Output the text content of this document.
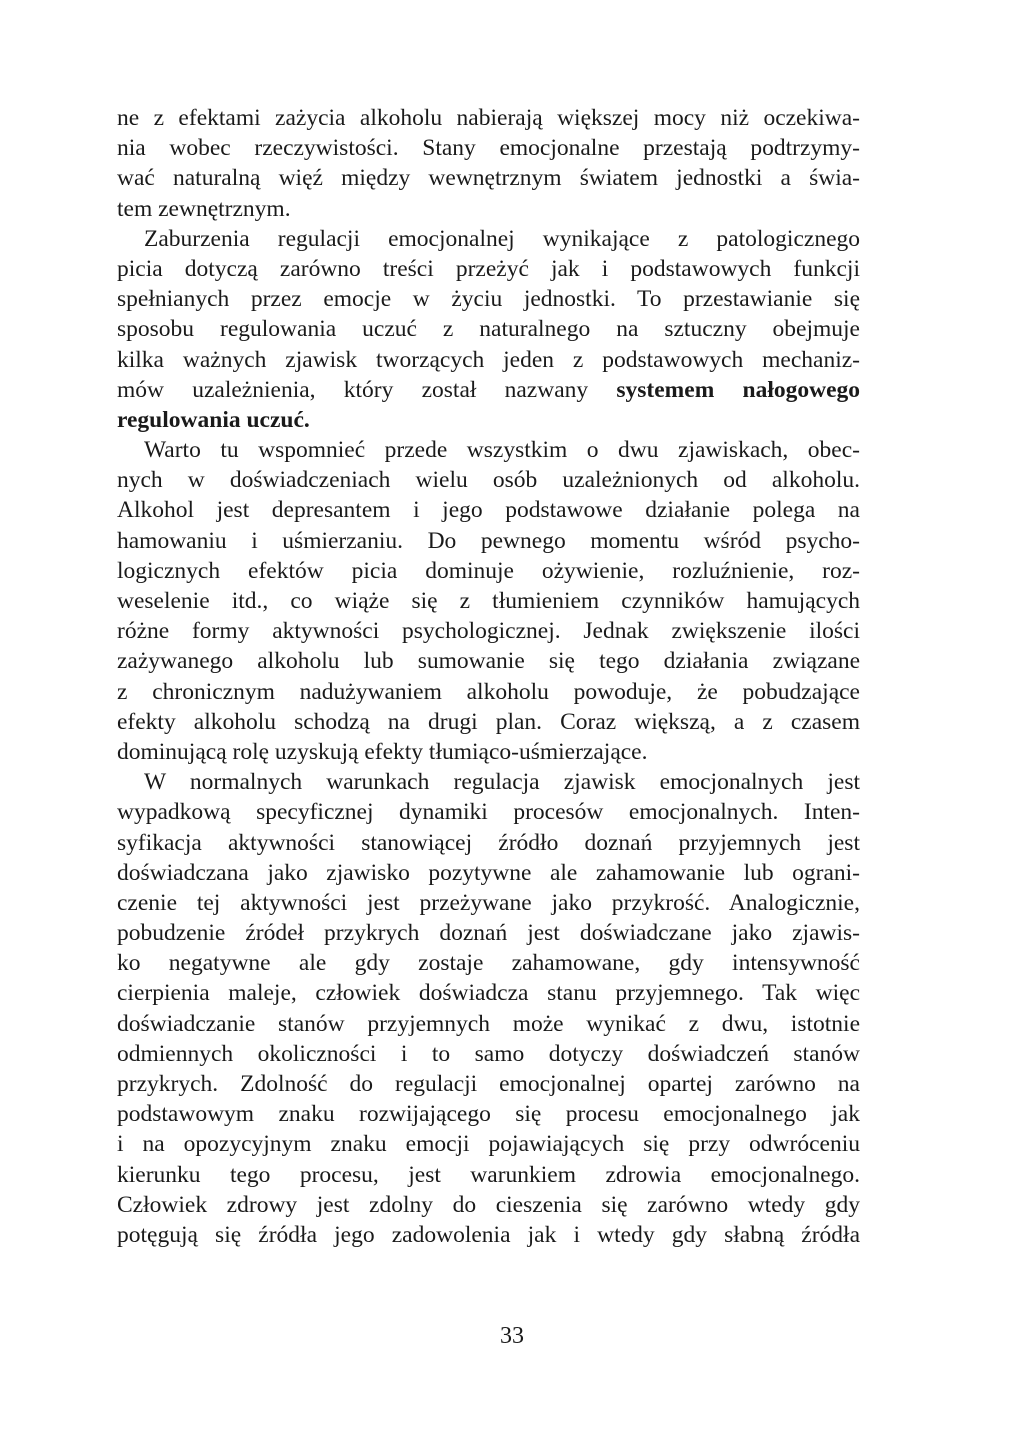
ne z efektami zażycia alkoholu nabierają większej mocy niż oczekiwa-
nia wobec rzeczywistości. Stany emocjonalne przestają podtrzymy-
wać naturalną więź między wewnętrznym światem jednostki a świa-
tem zewnętrznym.
Zaburzenia regulacji emocjonalnej wynikające z patologicznego
picia dotyczą zarówno treści przeżyć jak i podstawowych funkcji
spełnianych przez emocje w życiu jednostki. To przestawianie się
sposobu regulowania uczuć z naturalnego na sztuczny obejmuje
kilka ważnych zjawisk tworzących jeden z podstawowych mechaniz-
mów uzależnienia, który został nazwany systemem nałogowego
regulowania uczuć.
Warto tu wspomnieć przede wszystkim o dwu zjawiskach, obec-
nych w doświadczeniach wielu osób uzależnionych od alkoholu.
Alkohol jest depresantem i jego podstawowe działanie polega na
hamowaniu i uśmierzaniu. Do pewnego momentu wśród psycho-
logicznych efektów picia dominuje ożywienie, rozluźnienie, roz-
weselenie itd., co wiąże się z tłumieniem czynników hamujących
różne formy aktywności psychologicznej. Jednak zwiększenie ilości
zażywanego alkoholu lub sumowanie się tego działania związane
z chronicznym nadużywaniem alkoholu powoduje, że pobudzające
efekty alkoholu schodzą na drugi plan. Coraz większą, a z czasem
dominującą rolę uzyskują efekty tłumiąco-uśmierzające.
W normalnych warunkach regulacja zjawisk emocjonalnych jest
wypadkową specyficznej dynamiki procesów emocjonalnych. Inten-
syfikacja aktywności stanowiącej źródło doznań przyjemnych jest
doświadczana jako zjawisko pozytywne ale zahamowanie lub ograni-
czenie tej aktywności jest przeżywane jako przykrość. Analogicznie,
pobudzenie źródeł przykrych doznań jest doświadczane jako zjawis-
ko negatywne ale gdy zostaje zahamowane, gdy intensywność
cierpienia maleje, człowiek doświadcza stanu przyjemnego. Tak więc
doświadczanie stanów przyjemnych może wynikać z dwu, istotnie
odmiennych okoliczności i to samo dotyczy doświadczeń stanów
przykrych. Zdolność do regulacji emocjonalnej opartej zarówno na
podstawowym znaku rozwijającego się procesu emocjonalnego jak
i na opozycyjnym znaku emocji pojawiających się przy odwróceniu
kierunku tego procesu, jest warunkiem zdrowia emocjonalnego.
Człowiek zdrowy jest zdolny do cieszenia się zarówno wtedy gdy
potęgują się źródła jego zadowolenia jak i wtedy gdy słabną źródła
33
